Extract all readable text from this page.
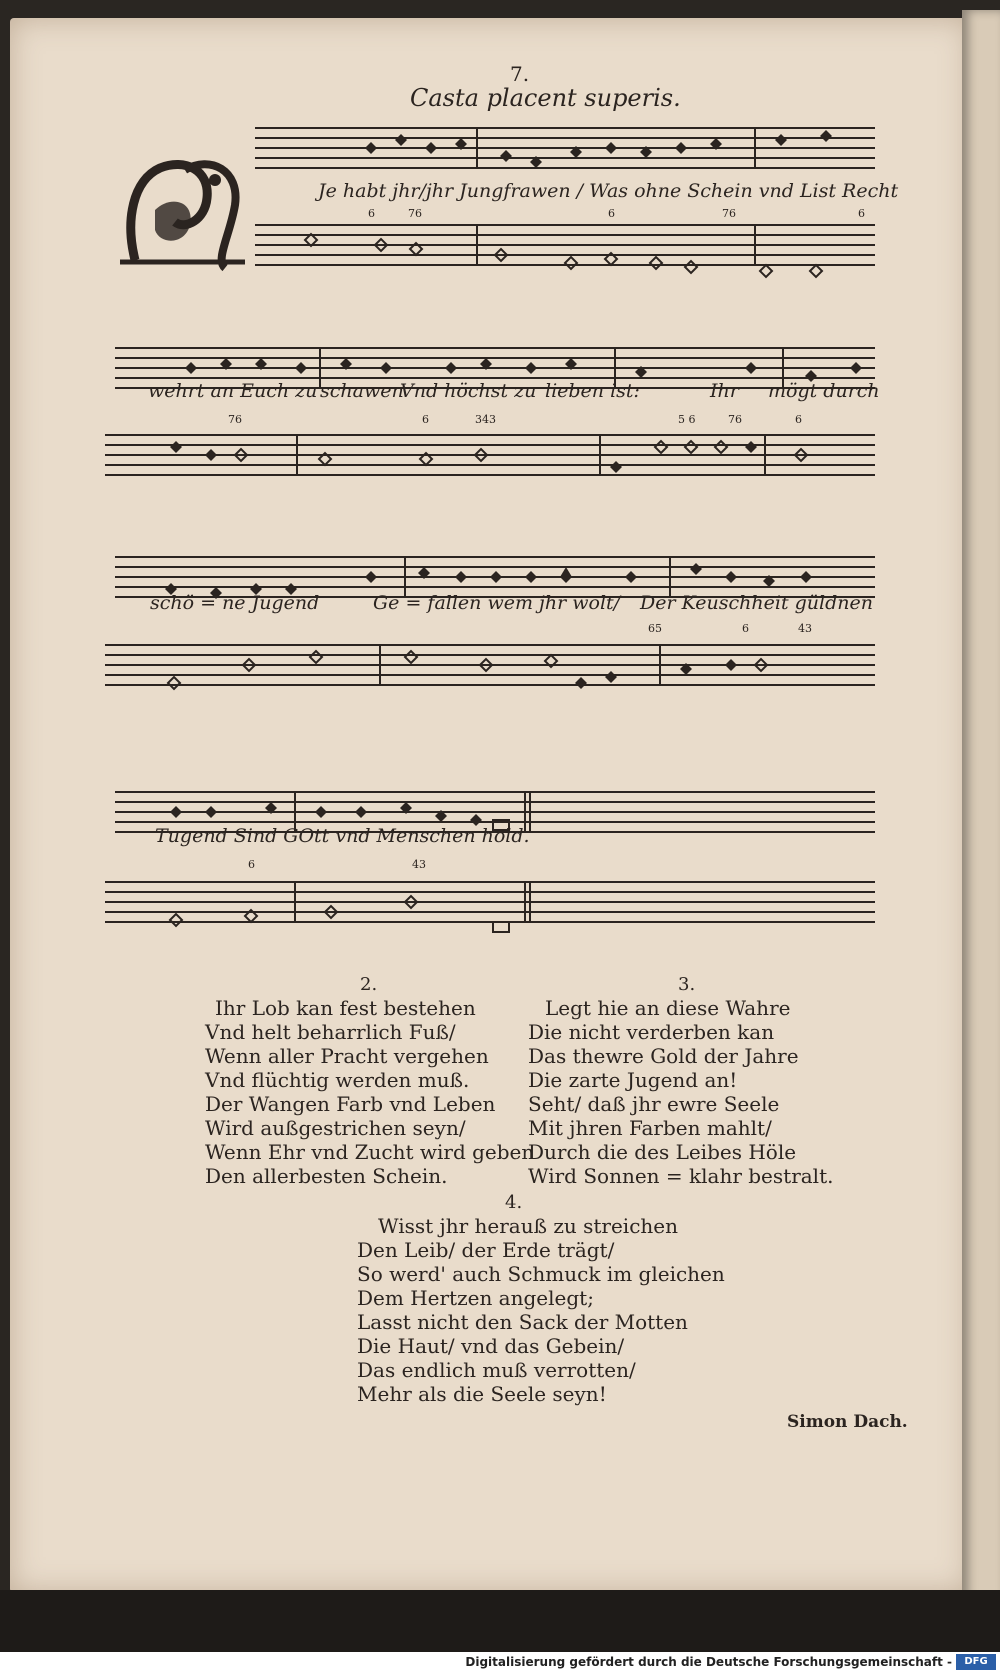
7.
Casta placent superis.
Je habt jhr/jhr Jungfrawen / Was ohne Schein vnd List Recht
6	76	6	76	6
wehrt an Euch zu schawen
Vnd höchst zu lieben ist:	Ihr mögt durch
76	6	343	5 6	76	6
schö = ne Jugend	Ge = fallen wem jhr wolt/ Der Keuschheit güldnen
65	6	43
Tugend Sind GOtt vnd Menschen hold.
6	43
2.
Ihr Lob kan fest bestehen
Vnd helt beharrlich Fuß/
Wenn aller Pracht vergehen
Vnd flüchtig werden muß.
Der Wangen Farb vnd Leben
Wird außgestrichen seyn/
Wenn Ehr vnd Zucht wird geben
Den allerbesten Schein.
3.
Legt hie an diese Wahre
Die nicht verderben kan
Das thewre Gold der Jahre
Die zarte Jugend an!
Seht/ daß jhr ewre Seele
Mit jhren Farben mahlt/
Durch die des Leibes Höle
Wird Sonnen = klahr bestralt.
4.
Wisst jhr herauß zu streichen
Den Leib/ der Erde trägt/
So werd' auch Schmuck im gleichen
Dem Hertzen angelegt;
Lasst nicht den Sack der Motten
Die Haut/ vnd das Gebein/
Das endlich muß verrotten/
Mehr als die Seele seyn!
Simon Dach.
Digitalisierung gefördert durch die Deutsche Forschungsgemeinschaft -	DFG
